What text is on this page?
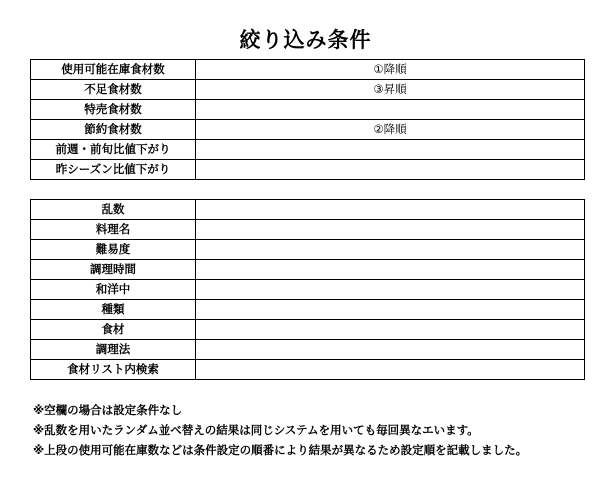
絞り込み条件
使用可能在庫食材数	①降順
不足食材数	③昇順
特売食材数	
節約食材数	②降順
前週・前旬比値下がり	
昨シーズン比値下がり	
乱数	
料理名	
難易度	
調理時間	
和洋中	
種類	
食材	
調理法	
食材リスト内検索	
※空欄の場合は設定条件なし
※乱数を用いたランダム並べ替えの結果は同じシステムを用いても毎回異なエいます。
※上段の使用可能在庫数などは条件設定の順番により結果が異なるため設定順を記載しました。
